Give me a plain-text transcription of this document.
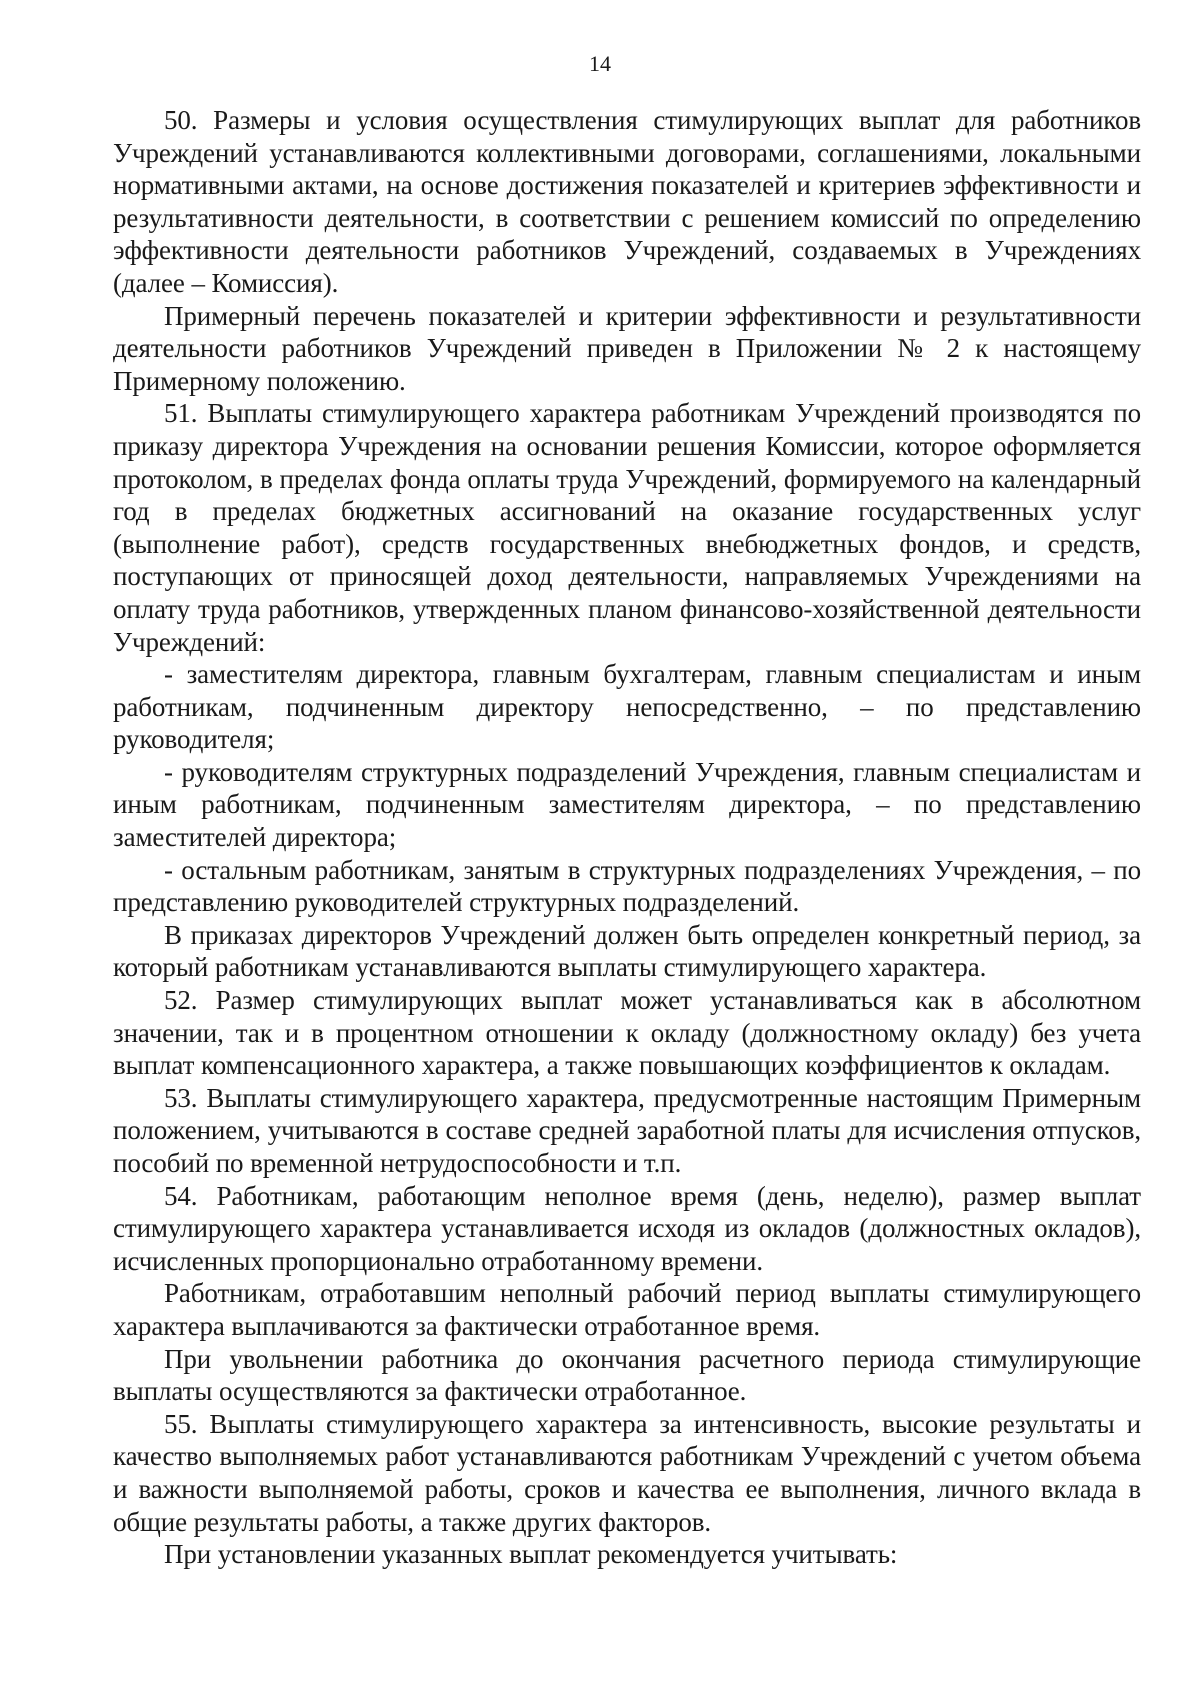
14

50. Размеры и условия осуществления стимулирующих выплат для работников Учреждений устанавливаются коллективными договорами, соглашениями, локальными нормативными актами, на основе достижения показателей и критериев эффективности и результативности деятельности, в соответствии с решением комиссий по определению эффективности деятельности работников Учреждений, создаваемых в Учреждениях (далее – Комиссия).

Примерный перечень показателей и критерии эффективности и результативности деятельности работников Учреждений приведен в Приложении № 2 к настоящему Примерному положению.

51. Выплаты стимулирующего характера работникам Учреждений производятся по приказу директора Учреждения на основании решения Комиссии, которое оформляется протоколом, в пределах фонда оплаты труда Учреждений, формируемого на календарный год в пределах бюджетных ассигнований на оказание государственных услуг (выполнение работ), средств государственных внебюджетных фондов, и средств, поступающих от приносящей доход деятельности, направляемых Учреждениями на оплату труда работников, утвержденных планом финансово-хозяйственной деятельности Учреждений:

- заместителям директора, главным бухгалтерам, главным специалистам и иным работникам, подчиненным директору непосредственно, – по представлению руководителя;

- руководителям структурных подразделений Учреждения, главным специалистам и иным работникам, подчиненным заместителям директора, – по представлению заместителей директора;

- остальным работникам, занятым в структурных подразделениях Учреждения, – по представлению руководителей структурных подразделений.

В приказах директоров Учреждений должен быть определен конкретный период, за который работникам устанавливаются выплаты стимулирующего характера.

52. Размер стимулирующих выплат может устанавливаться как в абсолютном значении, так и в процентном отношении к окладу (должностному окладу) без учета выплат компенсационного характера, а также повышающих коэффициентов к окладам.

53. Выплаты стимулирующего характера, предусмотренные настоящим Примерным положением, учитываются в составе средней заработной платы для исчисления отпусков, пособий по временной нетрудоспособности и т.п.

54. Работникам, работающим неполное время (день, неделю), размер выплат стимулирующего характера устанавливается исходя из окладов (должностных окладов), исчисленных пропорционально отработанному времени.

Работникам, отработавшим неполный рабочий период выплаты стимулирующего характера выплачиваются за фактически отработанное время.

При увольнении работника до окончания расчетного периода стимулирующие выплаты осуществляются за фактически отработанное.

55. Выплаты стимулирующего характера за интенсивность, высокие результаты и качество выполняемых работ устанавливаются работникам Учреждений с учетом объема и важности выполняемой работы, сроков и качества ее выполнения, личного вклада в общие результаты работы, а также других факторов.

При установлении указанных выплат рекомендуется учитывать:
